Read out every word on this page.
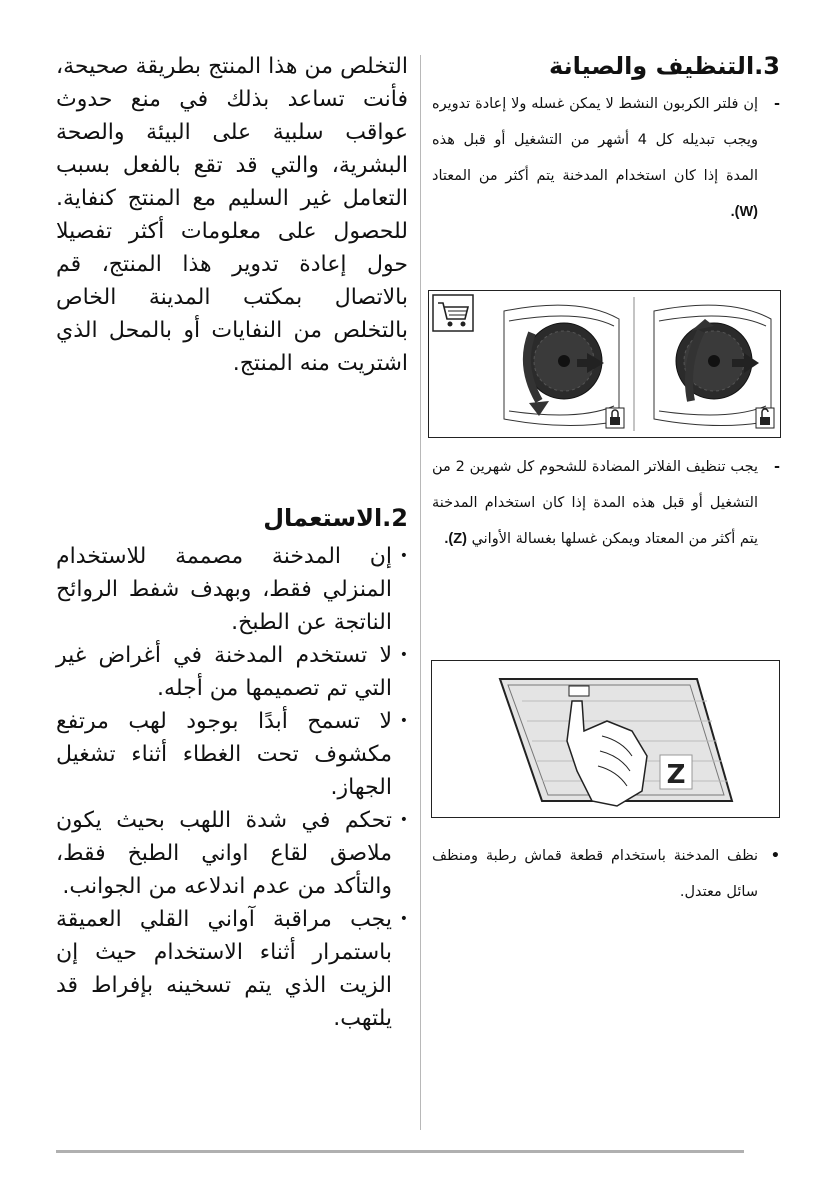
3.التنظيف والصيانة
-
إن فلتر الكربون النشط لا يمكن غسله ولا إعادة تدويره ويجب تبديله كل 4 أشهر من التشغيل أو قبل هذه المدة إذا كان استخدام المدخنة يتم أكثر من المعتاد (W).
-
يجب تنظيف الفلاتر المضادة للشحوم كل شهرين 2 من التشغيل أو قبل هذه المدة إذا كان استخدام المدخنة يتم أكثر من المعتاد ويمكن غسلها بغسالة الأواني (Z).
Z
•
نظف المدخنة باستخدام قطعة قماش رطبة ومنظف سائل معتدل.

التخلص من هذا المنتج بطريقة صحيحة، فأنت تساعد بذلك في منع حدوث عواقب سلبية على البيئة والصحة البشرية، والتي قد تقع بالفعل بسبب التعامل غير السليم مع المنتج كنفاية. للحصول على معلومات أكثر تفصيلا حول إعادة تدوير هذا المنتج، قم بالاتصال بمكتب المدينة الخاص بالتخلص من النفايات أو بالمحل الذي اشتريت منه المنتج.

2.الاستعمال
•
إن المدخنة مصممة للاستخدام المنزلي فقط، وبهدف شفط الروائح الناتجة عن الطبخ.
•
لا تستخدم المدخنة في أغراض غير التي تم تصميمها من أجله.
•
لا تسمح أبدًا بوجود لهب مرتفع مكشوف تحت الغطاء أثناء تشغيل الجهاز.
•
تحكم في شدة اللهب بحيث يكون ملاصق لقاع اواني الطبخ فقط، والتأكد من عدم اندلاعه من الجوانب.
•
يجب مراقبة آواني القلي العميقة باستمرار أثناء الاستخدام حيث إن الزيت الذي يتم تسخينه بإفراط قد يلتهب.
